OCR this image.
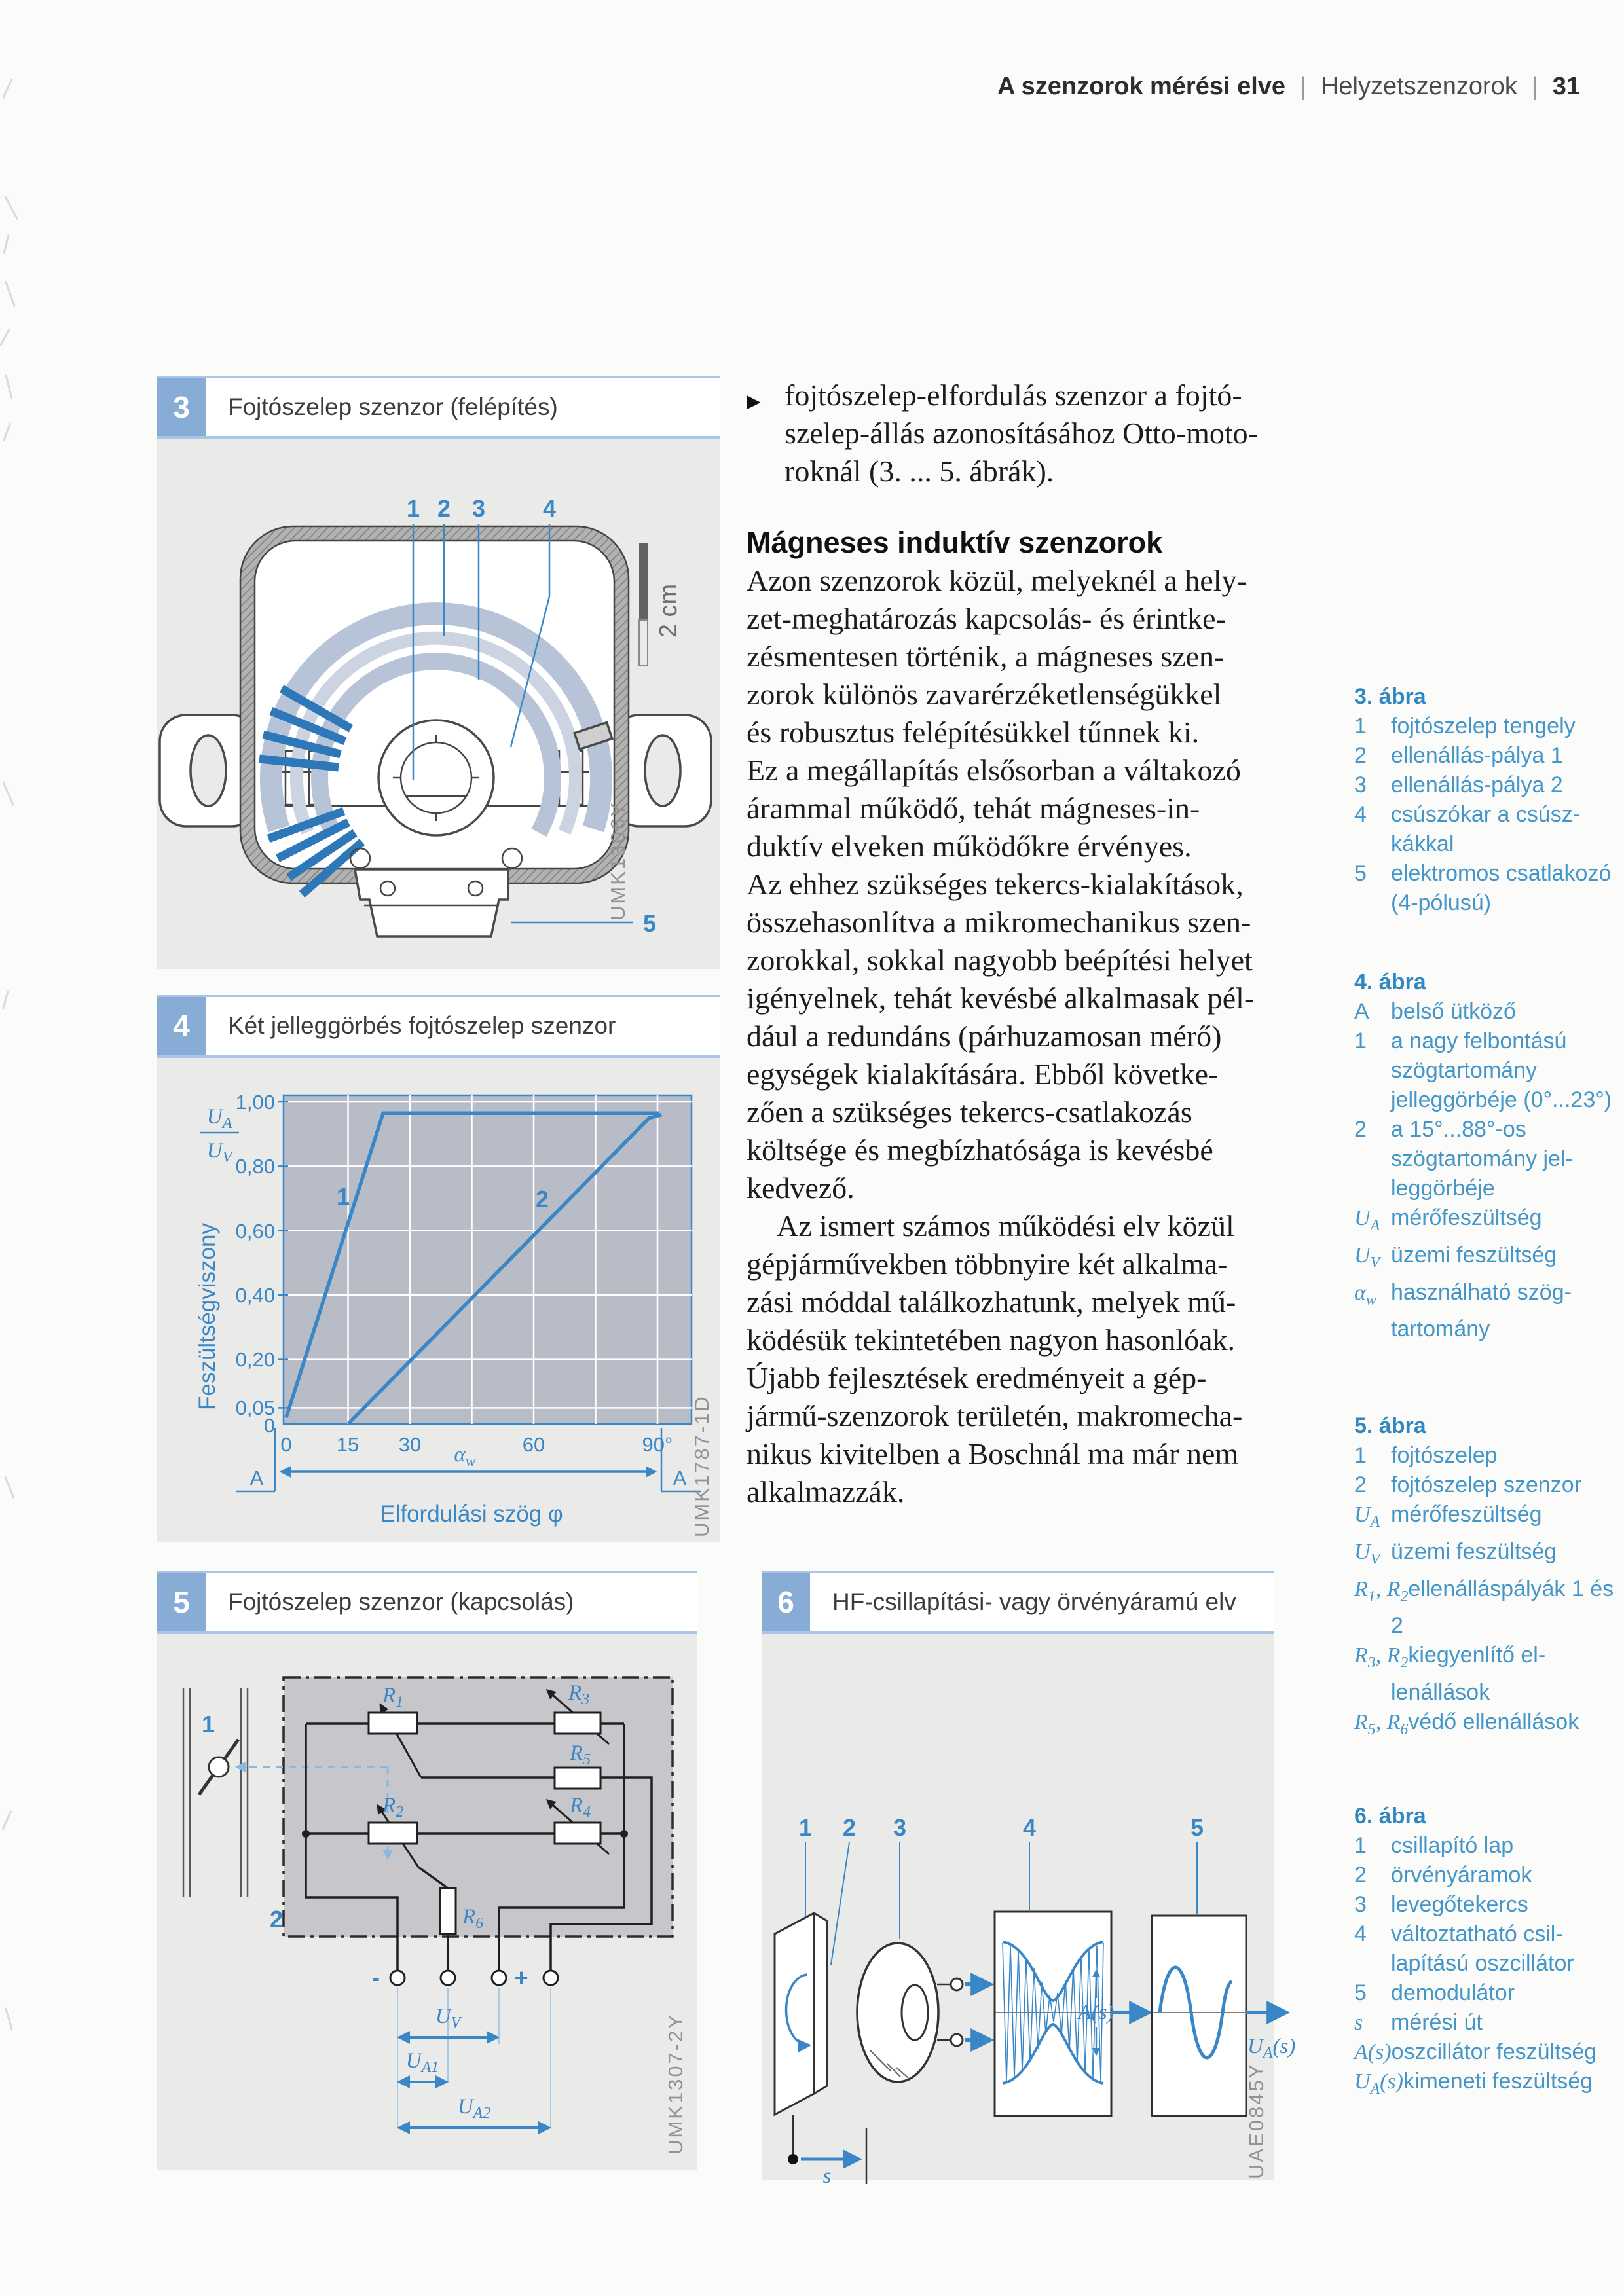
A szenzorok mérési elve | Helyzetszenzorok | 31
3	Fojtószelep szenzor (felépítés)
1 2 3 4
5
2 cm
UMK1306Y
4	Két jelleggörbés fojtószelep szenzor
1	2
1,00
0,80
0,60
0,40
0,20
0,05
0
0 15 30	60	90°
$U_A$
$U_V$
Feszültségviszony
A	A
$\alpha_w$
Elfordulási szög φ	UMK1787-1D
5	Fojtószelep szenzor (kapcsolás)
1
$R_1$	$R_3$
$R_5$
$R_2$	$R_4$
$R_6$
2
-	+
$U_V$
$U_{A1}$
$U_{A2}$	UMK1307-2Y
6	HF-csillapítási- vagy örvényáramú elv
1 2 3	4	5
A(s)
$U_A(s)$
s	UAE0845Y
▶ fojtószelep-elfordulás szenzor a fojtó-
szelep-állás azonosításához Otto-moto-
roknál (3. ... 5. ábrák).
Mágneses induktív szenzorok
Azon szenzorok közül, melyeknél a hely-
zet-meghatározás kapcsolás- és érintke-
zésmentesen történik, a mágneses szen-
zorok különös zavarérzéketlenségükkel
és robusztus felépítésükkel tűnnek ki.
Ez a megállapítás elsősorban a váltakozó
árammal működő, tehát mágneses-in-
duktív elveken működőkre érvényes.
Az ehhez szükséges tekercs-kialakítások,
összehasonlítva a mikromechanikus szen-
zorokkal, sokkal nagyobb beépítési helyet
igényelnek, tehát kevésbé alkalmasak pél-
dául a redundáns (párhuzamosan mérő)
egységek kialakítására. Ebből követke-
zően a szükséges tekercs-csatlakozás
költsége és megbízhatósága is kevésbé
kedvező.
Az ismert számos működési elv közül
gépjárművekben többnyire két alkalma-
zási móddal találkozhatunk, melyek mű-
ködésük tekintetében nagyon hasonlóak.
Újabb fejlesztések eredményeit a gép-
jármű-szenzorok területén, makromecha-
nikus kivitelben a Boschnál ma már nem
alkalmazzák.
3. ábra
1 fojtószelep tengely
2 ellenállás-pálya 1
3 ellenállás-pálya 2
4 csúszókar a csúszkákkal
5 elektromos csatlakozó (4-pólusú)
4. ábra
A belső ütköző
1 a nagy felbontású szögtartomány jelleggörbéje (0°...23°)
2 a 15°...88°-os szögtartomány jelleggörbéje
$U_A$ mérőfeszültség
$U_V$ üzemi feszültség
$\alpha_w$ használható szögtartomány
5. ábra
1 fojtószelep
2 fojtószelep szenzor
$U_A$ mérőfeszültség
$U_V$ üzemi feszültség
$R_1$, $R_2ellenálláspályák$ 1 és 2
$R_3$, $R_2kiegyenlítő$ ellenállások
$R_5$, $R_6védő$ ellenállások
6. ábra
1 csillapító lap
2 örvényáramok
3 levegőtekercs
4 változtatható csillapítású oszcillátor
5 demodulátor
s mérési út
A(s)oszcillátor feszültség
$U_A(s)kimeneti$ feszültség
